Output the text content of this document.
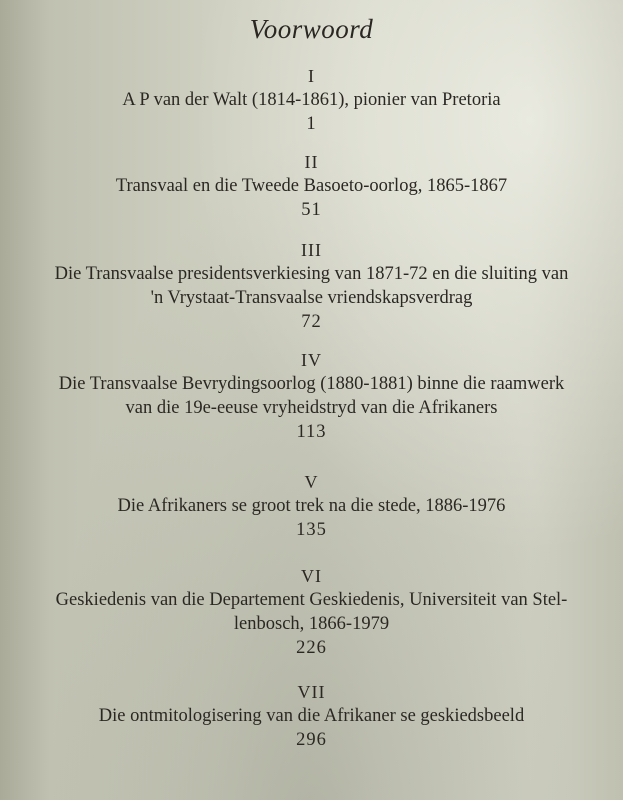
Voorwoord
I
A P van der Walt (1814-1861), pionier van Pretoria
1
II
Transvaal en die Tweede Basoeto-oorlog, 1865-1867
51
III
Die Transvaalse presidentsverkiesing van 1871-72 en die sluiting van
'n Vrystaat-Transvaalse vriendskapsverdrag
72
IV
Die Transvaalse Bevrydingsoorlog (1880-1881) binne die raamwerk
van die 19e-eeuse vryheidstryd van die Afrikaners
113
V
Die Afrikaners se groot trek na die stede, 1886-1976
135
VI
Geskiedenis van die Departement Geskiedenis, Universiteit van Stel-
lenbosch, 1866-1979
226
VII
Die ontmitologisering van die Afrikaner se geskiedsbeeld
296
